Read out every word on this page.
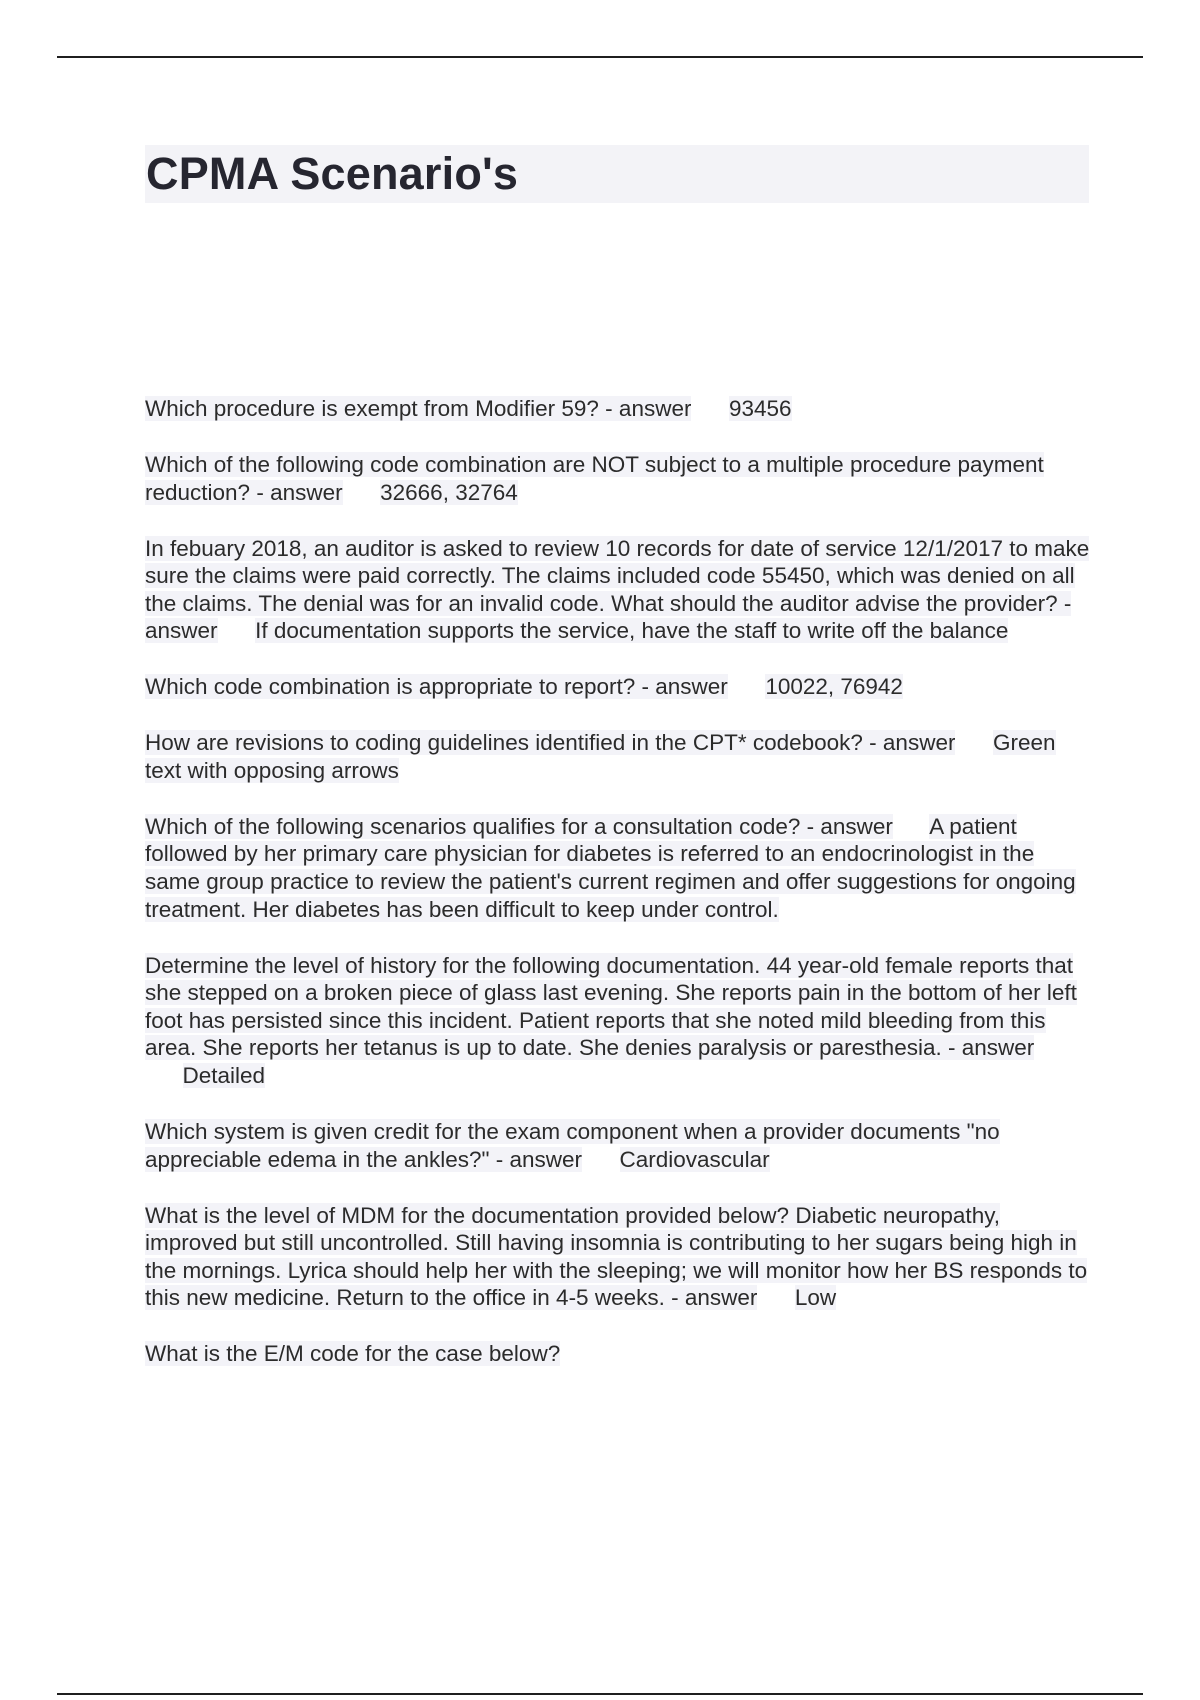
CPMA Scenario's

Which procedure is exempt from Modifier 59? - answer 93456

Which of the following code combination are NOT subject to a multiple procedure payment reduction? - answer 32666, 32764

In febuary 2018, an auditor is asked to review 10 records for date of service 12/1/2017 to make sure the claims were paid correctly. The claims included code 55450, which was denied on all the claims. The denial was for an invalid code. What should the auditor advise the provider? - answer If documentation supports the service, have the staff to write off the balance

Which code combination is appropriate to report? - answer 10022, 76942

How are revisions to coding guidelines identified in the CPT* codebook? - answer Green text with opposing arrows

Which of the following scenarios qualifies for a consultation code? - answer A patient followed by her primary care physician for diabetes is referred to an endocrinologist in the same group practice to review the patient's current regimen and offer suggestions for ongoing treatment. Her diabetes has been difficult to keep under control.

Determine the level of history for the following documentation. 44 year-old female reports that she stepped on a broken piece of glass last evening. She reports pain in the bottom of her left foot has persisted since this incident. Patient reports that she noted mild bleeding from this area. She reports her tetanus is up to date. She denies paralysis or paresthesia. - answer      Detailed

Which system is given credit for the exam component when a provider documents "no appreciable edema in the ankles?" - answer Cardiovascular

What is the level of MDM for the documentation provided below? Diabetic neuropathy, improved but still uncontrolled. Still having insomnia is contributing to her sugars being high in the mornings. Lyrica should help her with the sleeping; we will monitor how her BS responds to this new medicine. Return to the office in 4-5 weeks. - answer Low

What is the E/M code for the case below?
